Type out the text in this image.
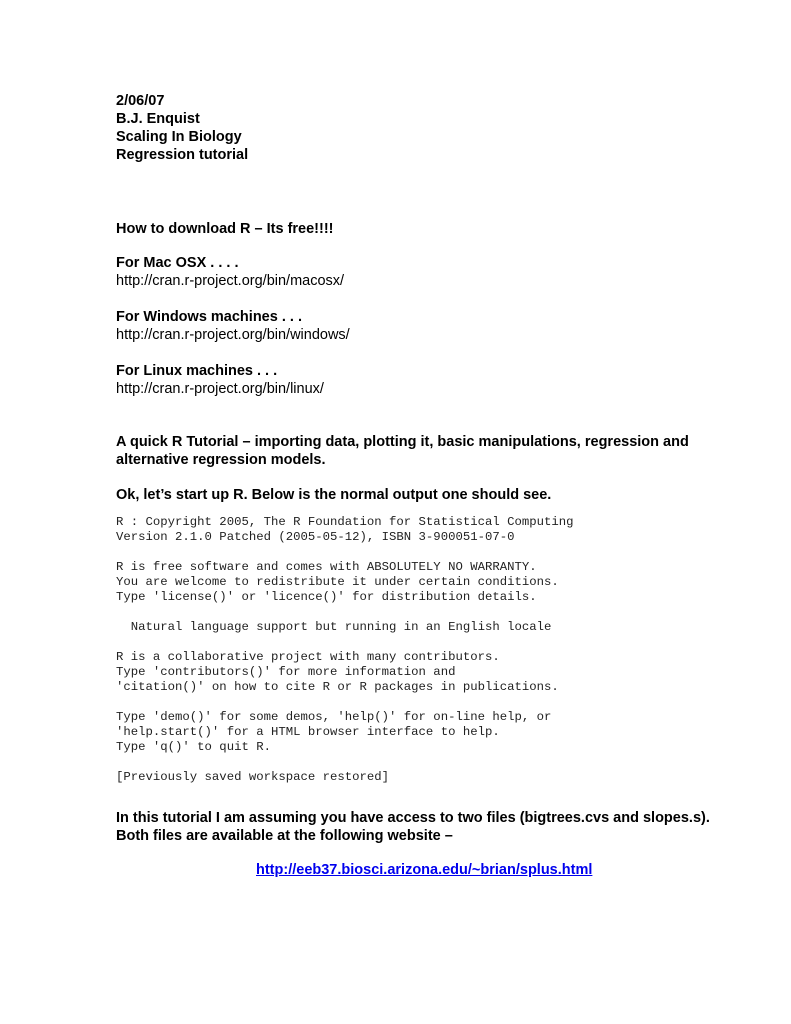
2/06/07
B.J. Enquist
Scaling In Biology
Regression tutorial
How to download R – Its free!!!!
For Mac OSX . . . .
http://cran.r-project.org/bin/macosx/
For Windows machines . . .
http://cran.r-project.org/bin/windows/
For Linux machines . . .
http://cran.r-project.org/bin/linux/
A quick R Tutorial – importing data, plotting it, basic manipulations, regression and
alternative regression models.
Ok, let’s start up R. Below is the normal output one should see.
R : Copyright 2005, The R Foundation for Statistical Computing
Version 2.1.0 Patched (2005-05-12), ISBN 3-900051-07-0

R is free software and comes with ABSOLUTELY NO WARRANTY.
You are welcome to redistribute it under certain conditions.
Type 'license()' or 'licence()' for distribution details.

Natural language support but running in an English locale

R is a collaborative project with many contributors.
Type 'contributors()' for more information and
'citation()' on how to cite R or R packages in publications.

Type 'demo()' for some demos, 'help()' for on-line help, or
'help.start()' for a HTML browser interface to help.
Type 'q()' to quit R.

[Previously saved workspace restored]
In this tutorial I am assuming you have access to two files (bigtrees.cvs and slopes.s).
Both files are available at the following website –
http://eeb37.biosci.arizona.edu/~brian/splus.html
